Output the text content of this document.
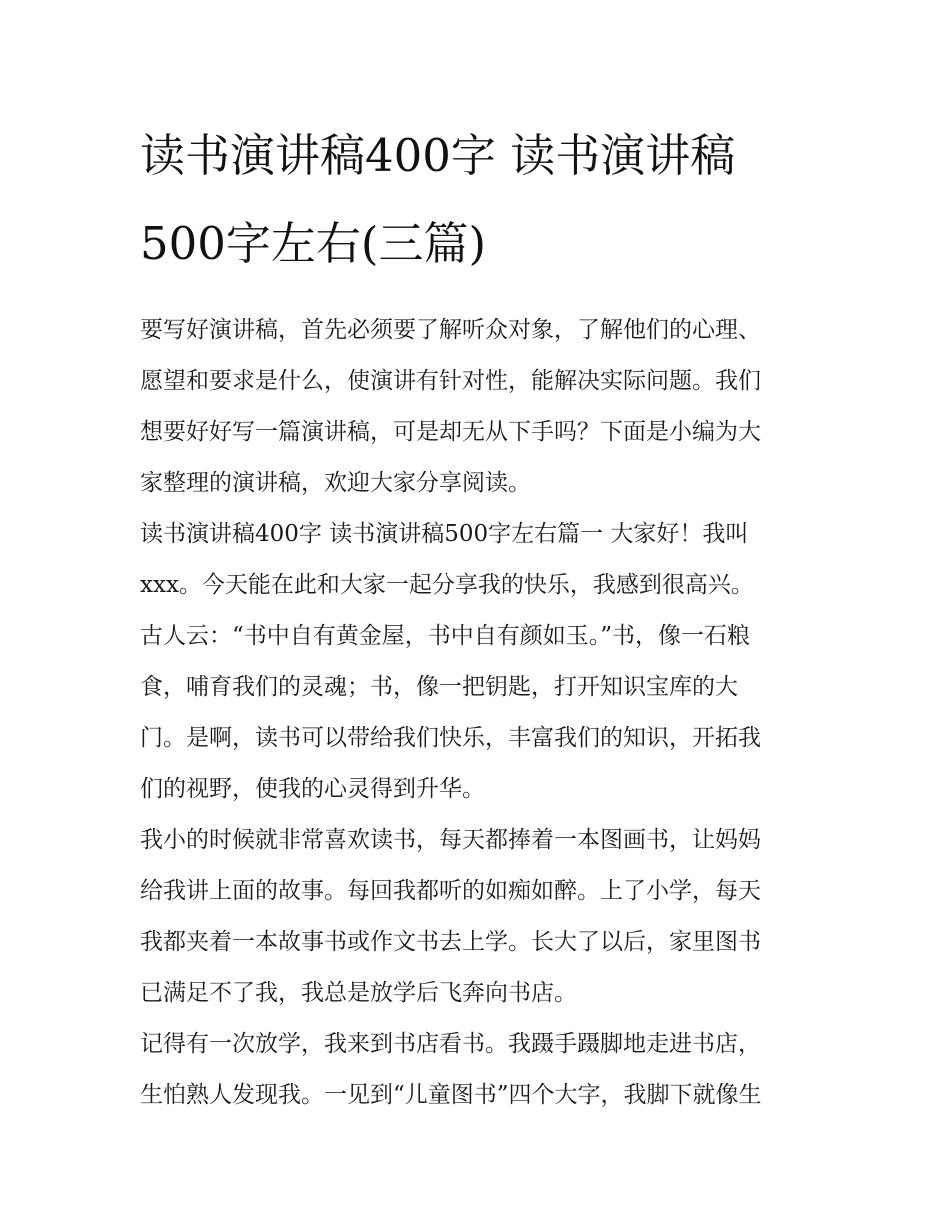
读书演讲稿400字 读书演讲稿
500字左右(三篇)

要写好演讲稿，首先必须要了解听众对象，了解他们的心理、
愿望和要求是什么，使演讲有针对性，能解决实际问题。我们
想要好好写一篇演讲稿，可是却无从下手吗？下面是小编为大
家整理的演讲稿，欢迎大家分享阅读。

读书演讲稿400字 读书演讲稿500字左右篇一 大家好！我叫
xxx。今天能在此和大家一起分享我的快乐，我感到很高兴。
古人云：“书中自有黄金屋，书中自有颜如玉。”书，像一石粮
食，哺育我们的灵魂；书，像一把钥匙，打开知识宝库的大
门。是啊，读书可以带给我们快乐，丰富我们的知识，开拓我
们的视野，使我的心灵得到升华。

我小的时候就非常喜欢读书，每天都捧着一本图画书，让妈妈
给我讲上面的故事。每回我都听的如痴如醉。上了小学，每天
我都夹着一本故事书或作文书去上学。长大了以后，家里图书
已满足不了我，我总是放学后飞奔向书店。

记得有一次放学，我来到书店看书。我蹑手蹑脚地走进书店，
生怕熟人发现我。一见到“儿童图书”四个大字，我脚下就像生
